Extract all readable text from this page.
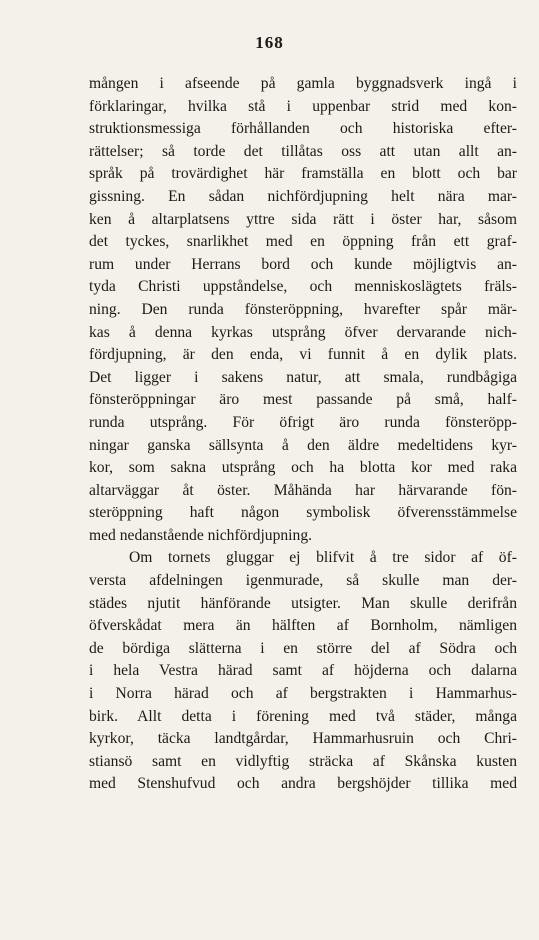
168
mången i afseende på gamla byggnadsverk ingå i
förklaringar, hvilka stå i uppenbar strid med kon-
struktionsmessiga förhållanden och historiska efter-
rättelser; så torde det tillåtas oss att utan allt an-
språk på trovärdighet här framställa en blott och bar
gissning. En sådan nichfördjupning helt nära mar-
ken å altarplatsens yttre sida rätt i öster har, såsom
det tyckes, snarlikhet med en öppning från ett graf-
rum under Herrans bord och kunde möjligtvis an-
tyda Christi uppståndelse, och menniskoslägtets fräls-
ning. Den runda fönsteröppning, hvarefter spår mär-
kas å denna kyrkas utsprång öfver dervarande nich-
fördjupning, är den enda, vi funnit å en dylik plats.
Det ligger i sakens natur, att smala, rundbågiga
fönsteröppningar äro mest passande på små, half-
runda utsprång. För öfrigt äro runda fönsteröpp-
ningar ganska sällsynta å den äldre medeltidens kyr-
kor, som sakna utsprång och ha blotta kor med raka
altarväggar åt öster. Måhända har härvarande fön-
steröppning haft någon symbolisk öfverensstämmelse
med nedanstående nichfördjupning.
Om tornets gluggar ej blifvit å tre sidor af öf-
versta afdelningen igenmurade, så skulle man der-
städes njutit hänförande utsigter. Man skulle derifrån
öfverskådat mera än hälften af Bornholm, nämligen
de bördiga slätterna i en större del af Södra och
i hela Vestra härad samt af höjderna och dalarna
i Norra härad och af bergstrakten i Hammarhus-
birk. Allt detta i förening med två städer, många
kyrkor, täcka landtgårdar, Hammarhusruin och Chri-
stiansö samt en vidlyftig sträcka af Skånska kusten
med Stenshufvud och andra bergshöjder tillika med
